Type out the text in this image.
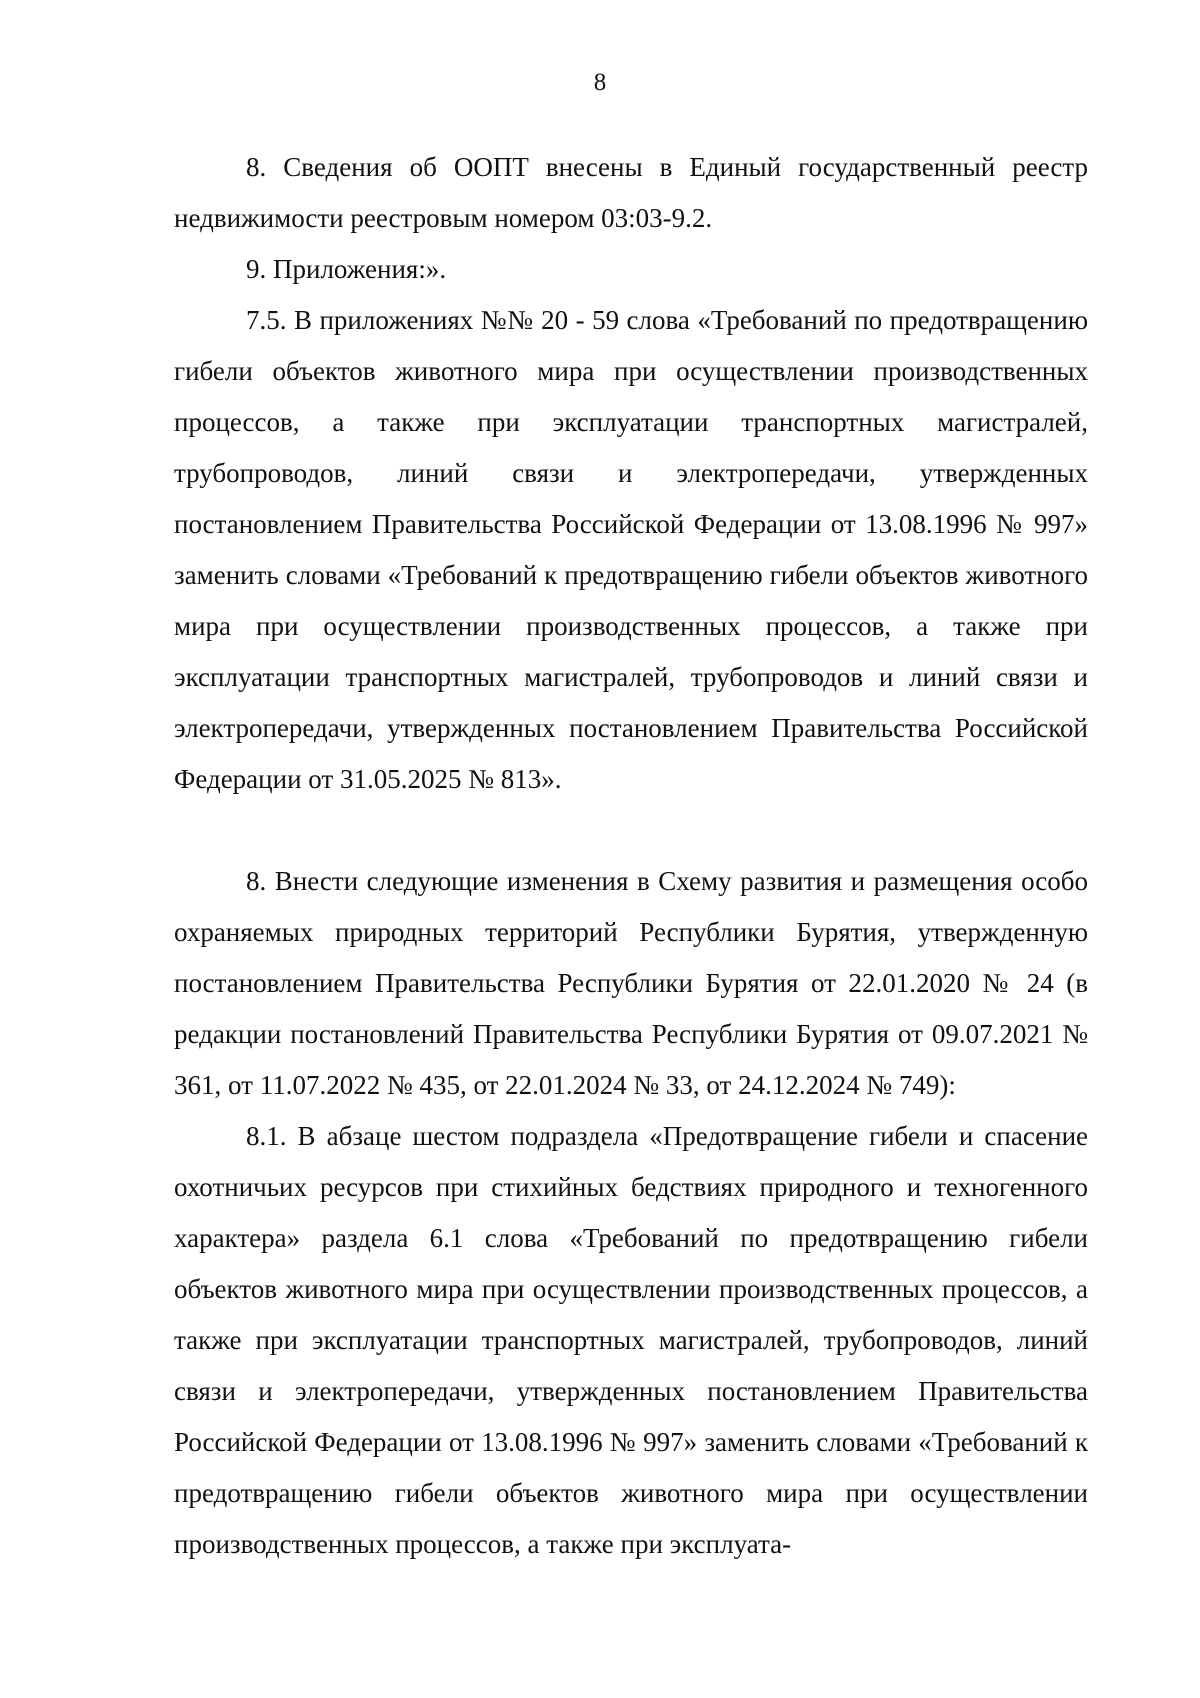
8

8. Сведения об ООПТ внесены в Единый государственный реестр недвижимости реестровым номером 03:03-9.2.

9. Приложения:».

7.5. В приложениях №№ 20 - 59 слова «Требований по предотвращению гибели объектов животного мира при осуществлении производственных процессов, а также при эксплуатации транспортных магистралей, трубопроводов, линий связи и электропередачи, утвержденных постановлением Правительства Российской Федерации от 13.08.1996 № 997» заменить словами «Требований к предотвращению гибели объектов животного мира при осуществлении производственных процессов, а также при эксплуатации транспортных магистралей, трубопроводов и линий связи и электропередачи, утвержденных постановлением Правительства Российской Федерации от 31.05.2025 № 813».

8. Внести следующие изменения в Схему развития и размещения особо охраняемых природных территорий Республики Бурятия, утвержденную постановлением Правительства Республики Бурятия от 22.01.2020 № 24 (в редакции постановлений Правительства Республики Бурятия от 09.07.2021 № 361, от 11.07.2022 № 435, от 22.01.2024 № 33, от 24.12.2024 № 749):

8.1. В абзаце шестом подраздела «Предотвращение гибели и спасение охотничьих ресурсов при стихийных бедствиях природного и техногенного характера» раздела 6.1 слова «Требований по предотвращению гибели объектов животного мира при осуществлении производственных процессов, а также при эксплуатации транспортных магистралей, трубопроводов, линий связи и электропередачи, утвержденных постановлением Правительства Российской Федерации от 13.08.1996 № 997» заменить словами «Требований к предотвращению гибели объектов животного мира при осуществлении производственных процессов, а также при эксплуата-
